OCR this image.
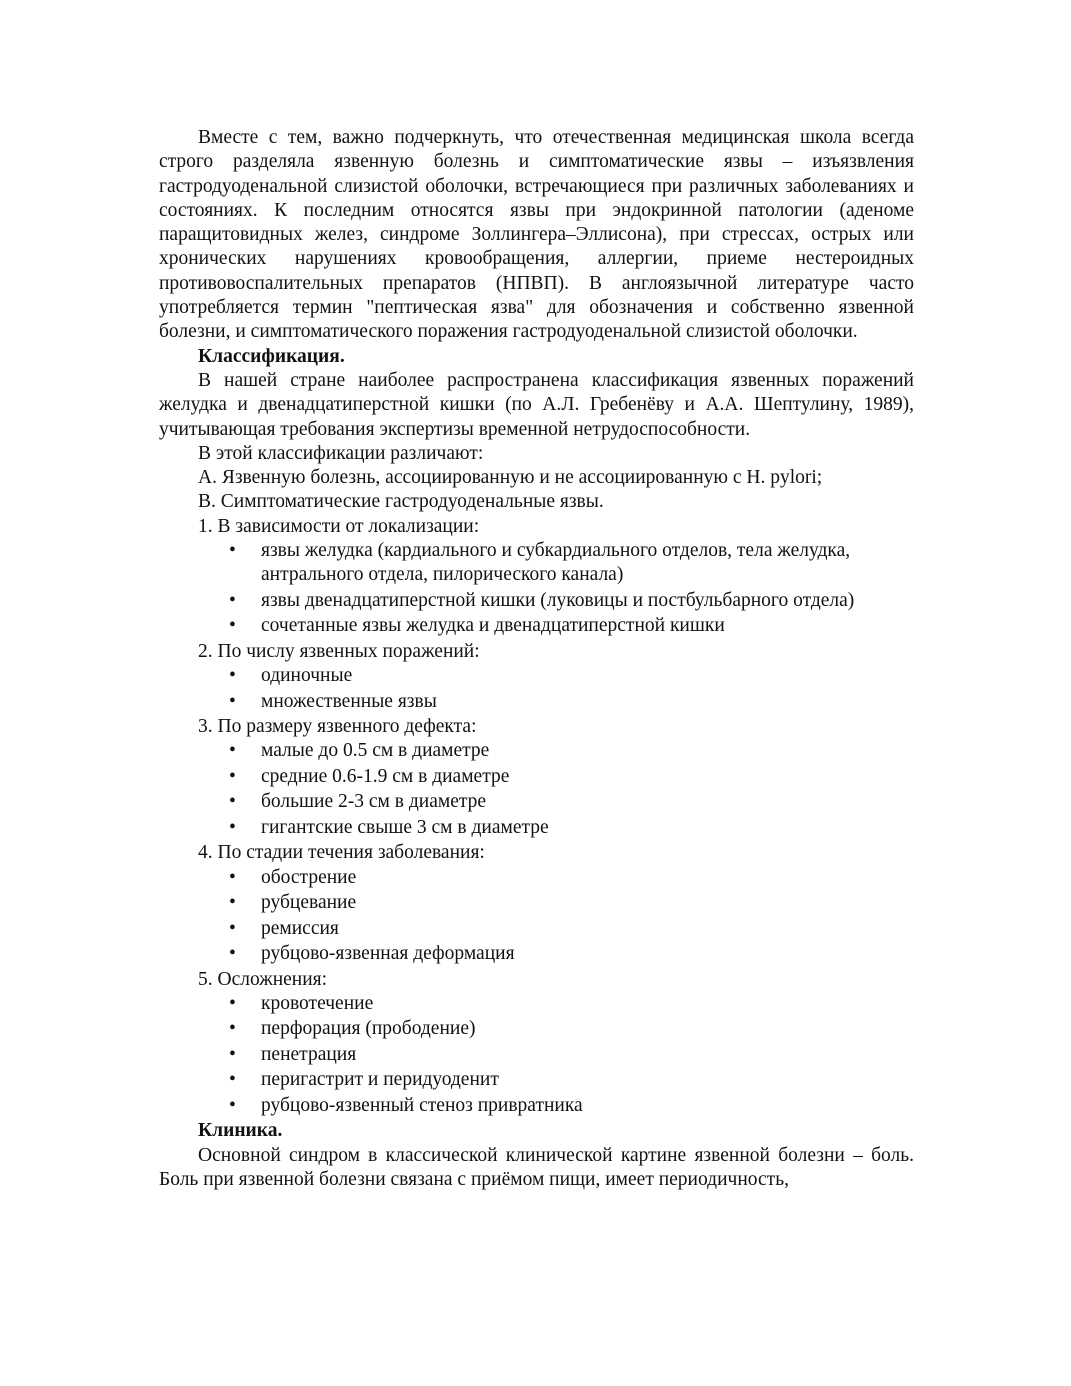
Вместе с тем, важно подчеркнуть, что отечественная медицинская школа всегда строго разделяла язвенную болезнь и симптоматические язвы – изъязвления гастродуоденальной слизистой оболочки, встречающиеся при различных заболеваниях и состояниях. К последним относятся язвы при эндокринной патологии (аденоме паращитовидных желез, синдроме Золлингера–Эллисона), при стрессах, острых или хронических нарушениях кровообращения, аллергии, приеме нестероидных противовоспалительных препаратов (НПВП). В англоязычной литературе часто употребляется термин "пептическая язва" для обозначения и собственно язвенной болезни, и симптоматического поражения гастродуоденальной слизистой оболочки.

Классификация.

В нашей стране наиболее распространена классификация язвенных поражений желудка и двенадцатиперстной кишки (по А.Л. Гребенёву и А.А. Шептулину, 1989), учитывающая требования экспертизы временной нетрудоспособности.

В этой классификации различают:

А. Язвенную болезнь, ассоциированную и не ассоциированную с H. pylori;

В. Симптоматические гастродуоденальные язвы.

1. В зависимости от локализации:

• язвы желудка (кардиального и субкардиального отделов, тела желудка, антрального отдела, пилорического канала)
• язвы двенадцатиперстной кишки (луковицы и постбульбарного отдела)
• сочетанные язвы желудка и двенадцатиперстной кишки

2. По числу язвенных поражений:

• одиночные
• множественные язвы

3. По размеру язвенного дефекта:

• малые до 0.5 см в диаметре
• средние 0.6-1.9 см в диаметре
• большие 2-3 см в диаметре
• гигантские свыше 3 см в диаметре

4. По стадии течения заболевания:

• обострение
• рубцевание
• ремиссия
• рубцово-язвенная деформация

5. Осложнения:

• кровотечение
• перфорация (прободение)
• пенетрация
• перигастрит и перидуоденит
• рубцово-язвенный стеноз привратника

Клиника.

Основной синдром в классической клинической картине язвенной болезни – боль. Боль при язвенной болезни связана с приёмом пищи, имеет периодичность,
